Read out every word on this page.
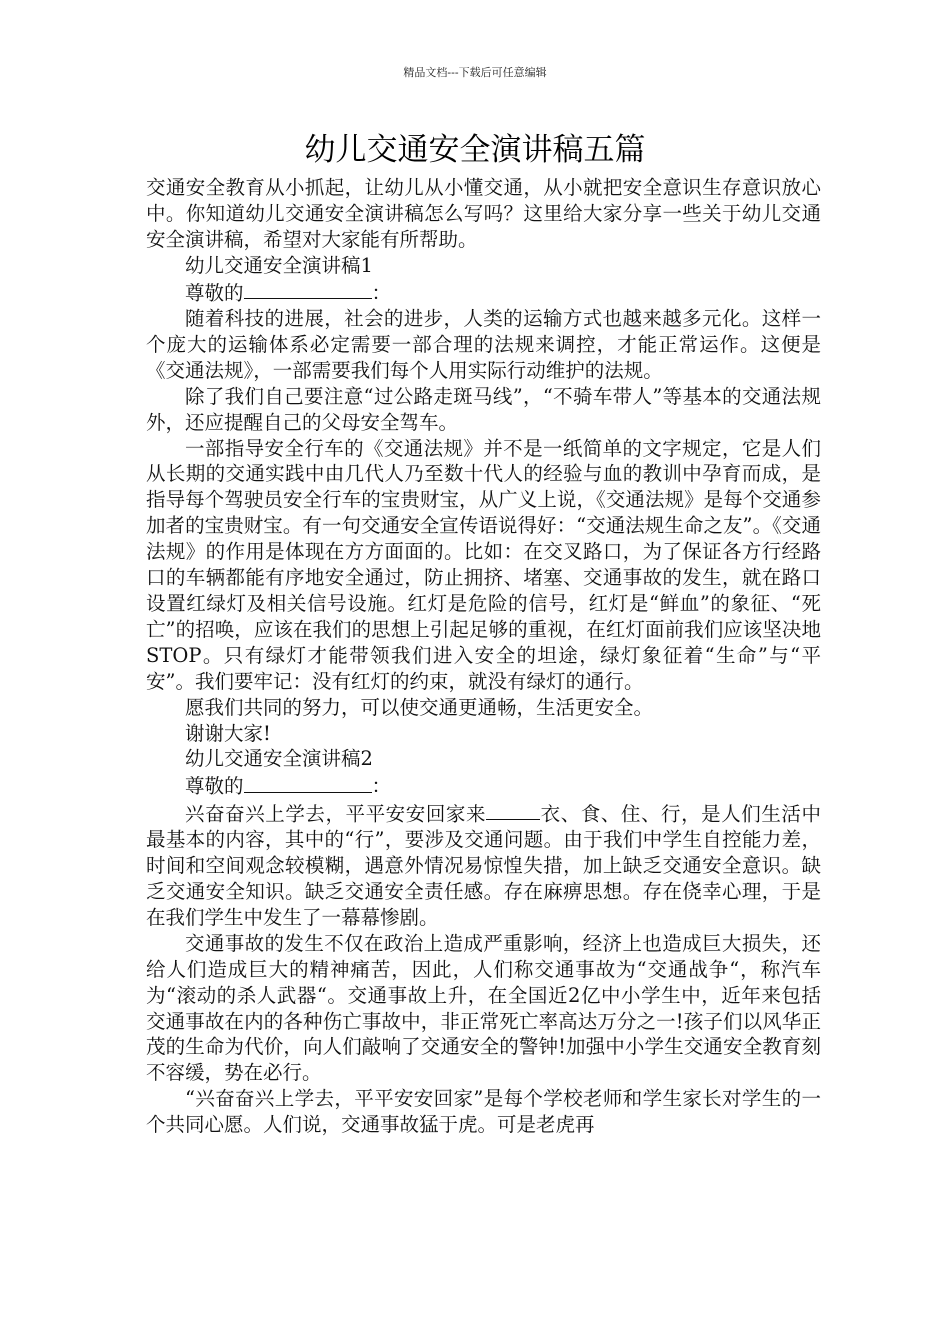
精品文档---下载后可任意编辑
幼儿交通安全演讲稿五篇

交通安全教育从小抓起，让幼儿从小懂交通，从小就把安全意识生存意识放心中。你知道幼儿交通安全演讲稿怎么写吗？这里给大家分享一些关于幼儿交通安全演讲稿，希望对大家能有所帮助。

幼儿交通安全演讲稿1

尊敬的	：

随着科技的进展，社会的进步，人类的运输方式也越来越多元化。这样一个庞大的运输体系必定需要一部合理的法规来调控，才能正常运作。这便是《交通法规》，一部需要我们每个人用实际行动维护的法规。

除了我们自己要注意“过公路走斑马线”，“不骑车带人”等基本的交通法规外，还应提醒自己的父母安全驾车。

一部指导安全行车的《交通法规》并不是一纸简单的文字规定，它是人们从长期的交通实践中由几代人乃至数十代人的经验与血的教训中孕育而成，是指导每个驾驶员安全行车的宝贵财宝，从广义上说，《交通法规》是每个交通参加者的宝贵财宝。有一句交通安全宣传语说得好：“交通法规生命之友”。《交通法规》的作用是体现在方方面面的。比如：在交叉路口，为了保证各方行经路口的车辆都能有序地安全通过，防止拥挤、堵塞、交通事故的发生，就在路口设置红绿灯及相关信号设施。红灯是危险的信号，红灯是“鲜血”的象征、“死亡”的招唤，应该在我们的思想上引起足够的重视，在红灯面前我们应该坚决地STOP。只有绿灯才能带领我们进入安全的坦途，绿灯象征着“生命”与“平安”。我们要牢记：没有红灯的约束，就没有绿灯的通行。

愿我们共同的努力，可以使交通更通畅，生活更安全。

谢谢大家!

幼儿交通安全演讲稿2

尊敬的	：

兴奋奋兴上学去，平平安安回家来	衣、食、住、行，是人们生活中最基本的内容，其中的“行”，要涉及交通问题。由于我们中学生自控能力差，时间和空间观念较模糊，遇意外情况易惊惶失措，加上缺乏交通安全意识。缺乏交通安全知识。缺乏交通安全责任感。存在麻痹思想。存在侥幸心理，于是在我们学生中发生了一幕幕惨剧。

交通事故的发生不仅在政治上造成严重影响，经济上也造成巨大损失，还给人们造成巨大的精神痛苦，因此，人们称交通事故为“交通战争“，称汽车为“滚动的杀人武器“。交通事故上升，在全国近2亿中小学生中，近年来包括交通事故在内的各种伤亡事故中，非正常死亡率高达万分之一!孩子们以风华正茂的生命为代价，向人们敲响了交通安全的警钟!加强中小学生交通安全教育刻不容缓，势在必行。

“兴奋奋兴上学去，平平安安回家”是每个学校老师和学生家长对学生的一个共同心愿。人们说，交通事故猛于虎。可是老虎再
